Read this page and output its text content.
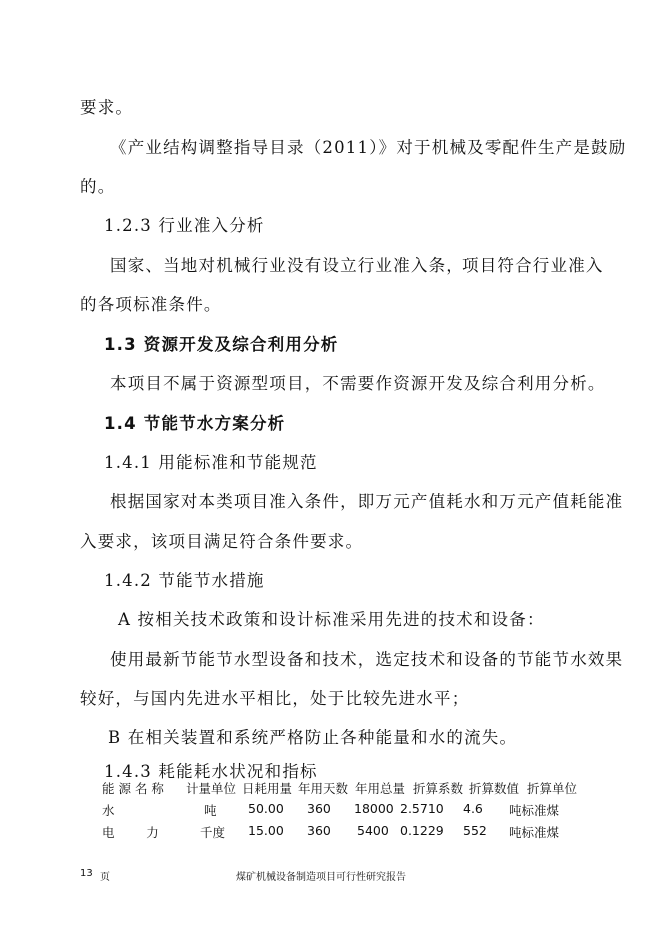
要求。
《产业结构调整指导目录（2011）》对于机械及零配件生产是鼓励
的。
1.2.3 行业准入分析
国家、当地对机械行业没有设立行业准入条，
项目符合行业准入
的各项标准条件。
1.3 资源开发及综合利用分析
本项目不属于资源型项目，不需要作资源开发及综合利用分析。
1.4 节能节水方案分析
1.4.1 用能标准和节能规范
根据国家对本类项目准入条件，即万元产值耗水和万元产值耗能准
入要求，该项目满足符合条件要求。
1.4.2 节能节水措施
A 按相关技术政策和设计标准采用先进的技术和设备：
使用最新节能节水型设备和技术，选定技术和设备的节能节水效果
较好，与国内先进水平相比，处于比较先进水平；
B 在相关装置和系统严格防止各种能量和水的流失。
1.4.3 耗能耗水状况和指标
能 源 名 称 计量单位 日耗用量 年用天数 年用总量 折算系数 折算数值 折算单位
水	吨	50.00 360 18000 2.5710 4.6 吨标准煤
电        力	千度 15.00 360 5400 0.1229 552 吨标准煤
13 页	煤矿机械设备制造项目可行性研究报告
